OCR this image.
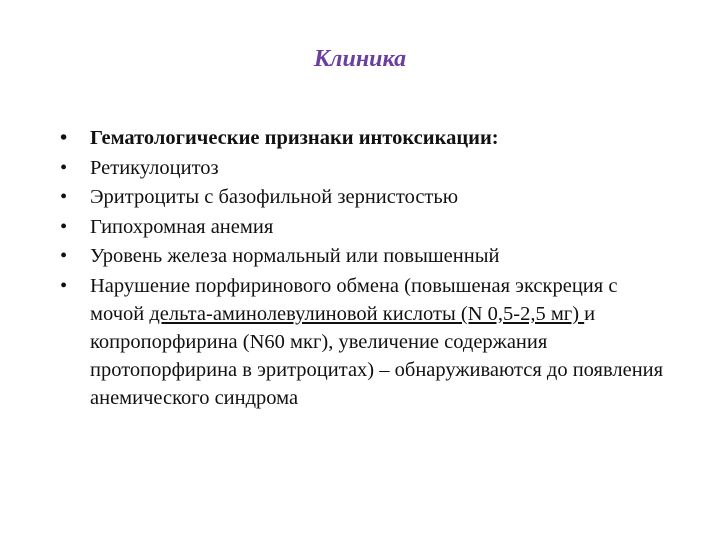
Клиника
•	Гематологические признаки интоксикации:
•	Ретикулоцитоз
•	Эритроциты с базофильной зернистостью
•	Гипохромная анемия
•	Уровень железа нормальный или повышенный
•	Нарушение порфиринового обмена (повышеная экскреция с мочой дельта-аминолевулиновой кислоты (N 0,5-2,5 мг) и копропорфирина (N60 мкг), увеличение содержания протопорфирина в эритроцитах) – обнаруживаются до появления анемического синдрома
